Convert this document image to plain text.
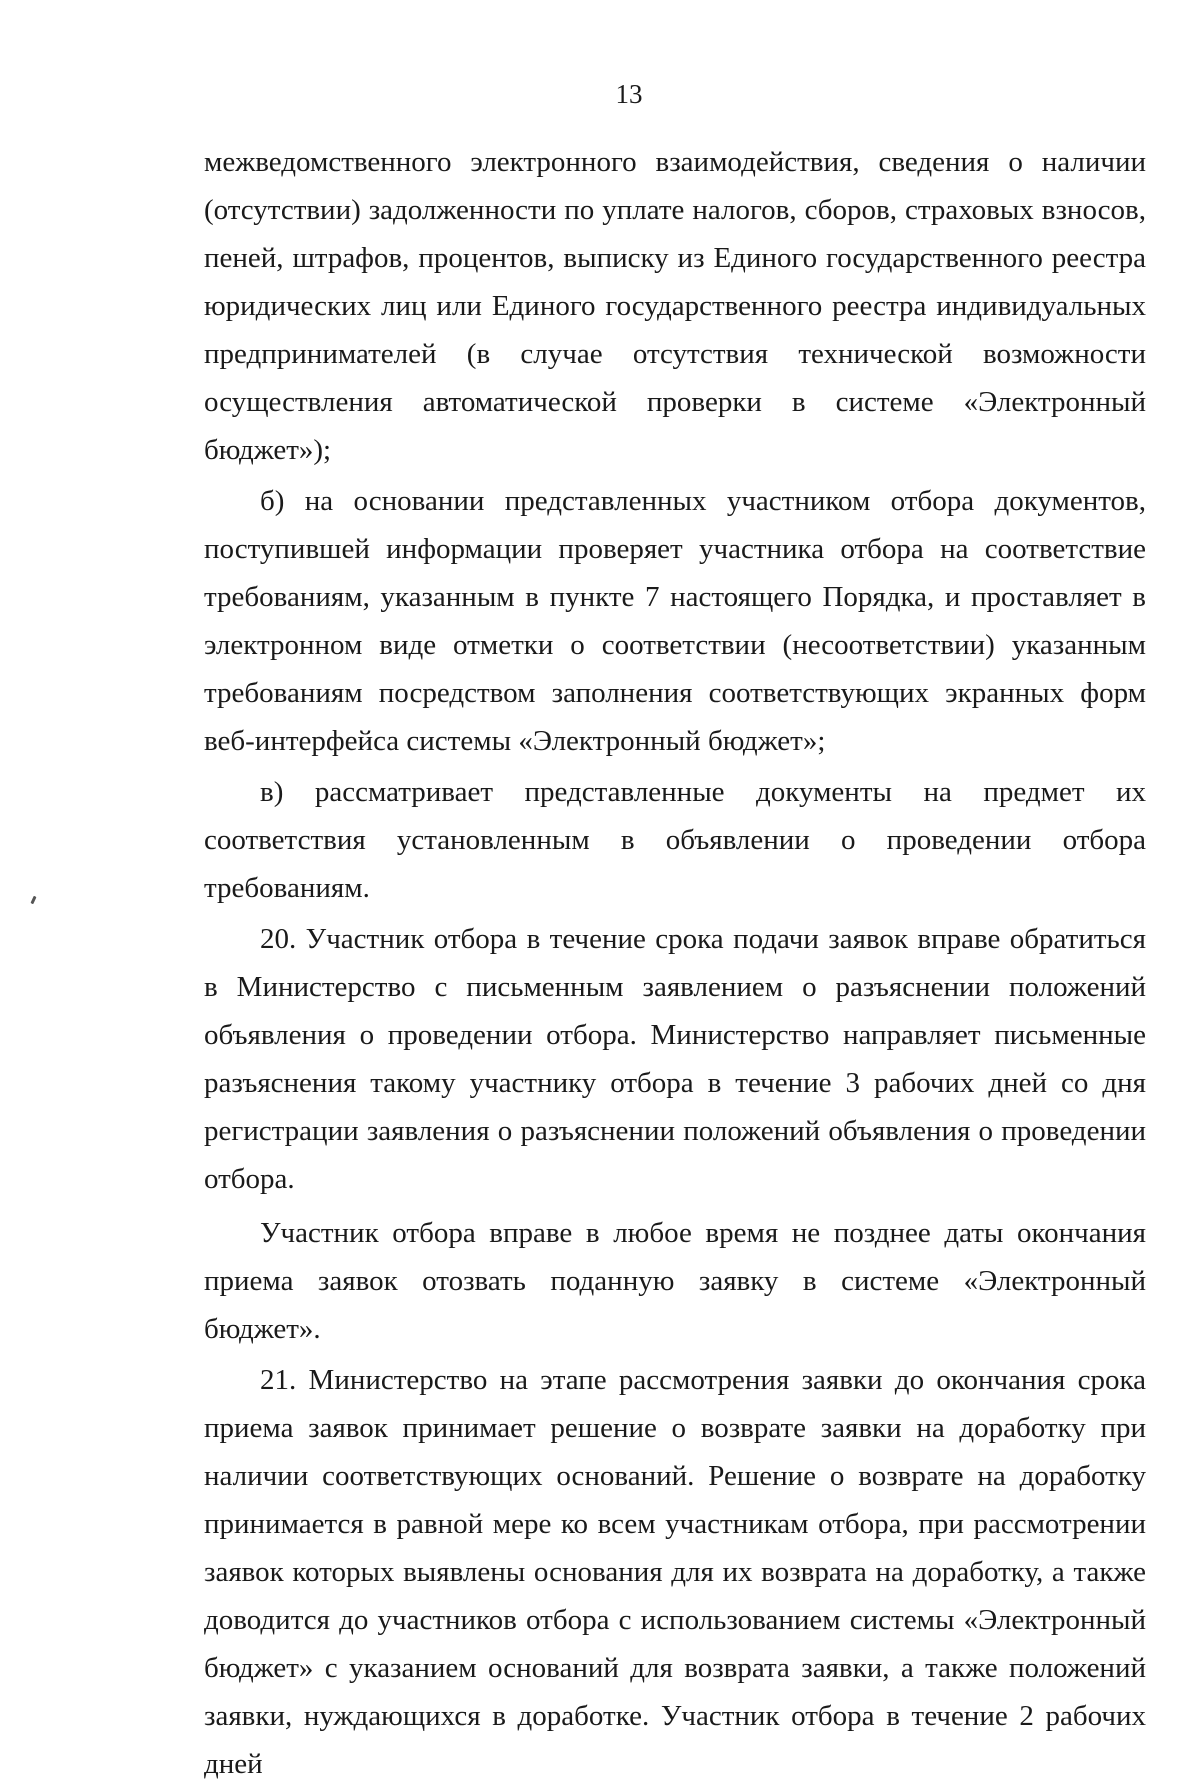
13

межведомственного электронного взаимодействия, сведения о наличии (отсутствии) задолженности по уплате налогов, сборов, страховых взносов, пеней, штрафов, процентов, выписку из Единого государственного реестра юридических лиц или Единого государственного реестра индивидуальных предпринимателей (в случае отсутствия технической возможности осуществления автоматической проверки в системе «Электронный бюджет»);

б) на основании представленных участником отбора документов, поступившей информации проверяет участника отбора на соответствие требованиям, указанным в пункте 7 настоящего Порядка, и проставляет в электронном виде отметки о соответствии (несоответствии) указанным требованиям посредством заполнения соответствующих экранных форм веб-интерфейса системы «Электронный бюджет»;

в) рассматривает представленные документы на предмет их соответствия установленным в объявлении о проведении отбора требованиям.

20. Участник отбора в течение срока подачи заявок вправе обратиться в Министерство с письменным заявлением о разъяснении положений объявления о проведении отбора. Министерство направляет письменные разъяснения такому участнику отбора в течение 3 рабочих дней со дня регистрации заявления о разъяснении положений объявления о проведении отбора.

Участник отбора вправе в любое время не позднее даты окончания приема заявок отозвать поданную заявку в системе «Электронный бюджет».

21. Министерство на этапе рассмотрения заявки до окончания срока приема заявок принимает решение о возврате заявки на доработку при наличии соответствующих оснований. Решение о возврате на доработку принимается в равной мере ко всем участникам отбора, при рассмотрении заявок которых выявлены основания для их возврата на доработку, а также доводится до участников отбора с использованием системы «Электронный бюджет» с указанием оснований для возврата заявки, а также положений заявки, нуждающихся в доработке. Участник отбора в течение 2 рабочих дней
